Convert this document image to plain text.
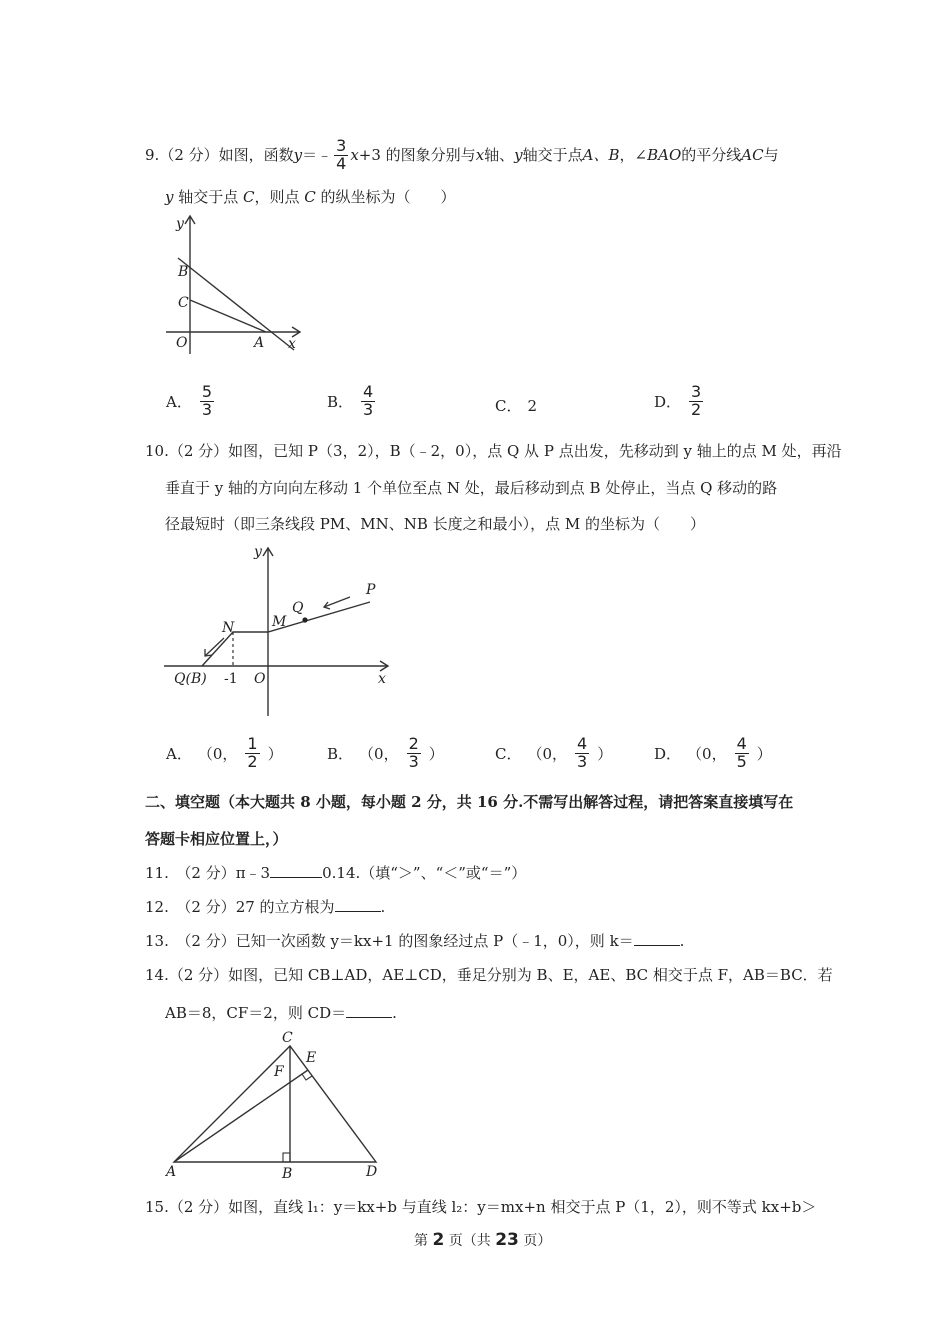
9. （2 分） 如图，函数 y ＝﹣ $\frac{3}{4}$ x +3 的图象分别与 x 轴、 y 轴交于点 A、B ，∠ BAO 的平分线 AC 与
y 轴交于点 C，则点 C 的纵坐标为（　　）
y
B
C
O	A x
A． $\frac{5}{3}$	B． $\frac{4}{3}$	C． 2	D． $\frac{3}{2}$
10.（2 分）如图，已知 P（3，2），B（﹣2，0），点 Q 从 P 点出发，先移动到 y 轴上的点 M 处，再沿
垂直于 y 轴的方向向左移动 1 个单位至点 N 处，最后移动到点 B 处停止，当点 Q 移动的路
径最短时（即三条线段 PM、MN、NB 长度之和最小），点 M 的坐标为（　　）
y
P
Q
M
N
O	x
Q(B) -1
A． （0， $\frac{1}{2}$ ）	B． （0， $\frac{2}{3}$ ）	C． （0， $\frac{4}{3}$ ）	D． （0， $\frac{4}{5}$ ）
二、填空题（本大题共 8 小题，每小题 2 分，共 16 分.不需写出解答过程，请把答案直接填写在
答题卡相应位置上，）
11.　 （2 分）π﹣3	0.14.（填“＞”、“＜”或“＝”）
12.　 （2 分）27 的立方根为	.
13.　 （2 分）已知一次函数 y＝kx+1 的图象经过点 P（﹣1，0），则 k＝	.
14.（2 分）如图，已知 CB⊥AD，AE⊥CD，垂足分别为 B、E，AE、BC 相交于点 F，AB＝BC．若
AB＝8，CF＝2，则 CD＝	.
C
E
F
A	B	D
15.（2 分）如图，直线 l₁：y＝kx+b 与直线 l₂：y＝mx+n 相交于点 P（1，2），则不等式 kx+b＞
第 2 页（共 23 页）
